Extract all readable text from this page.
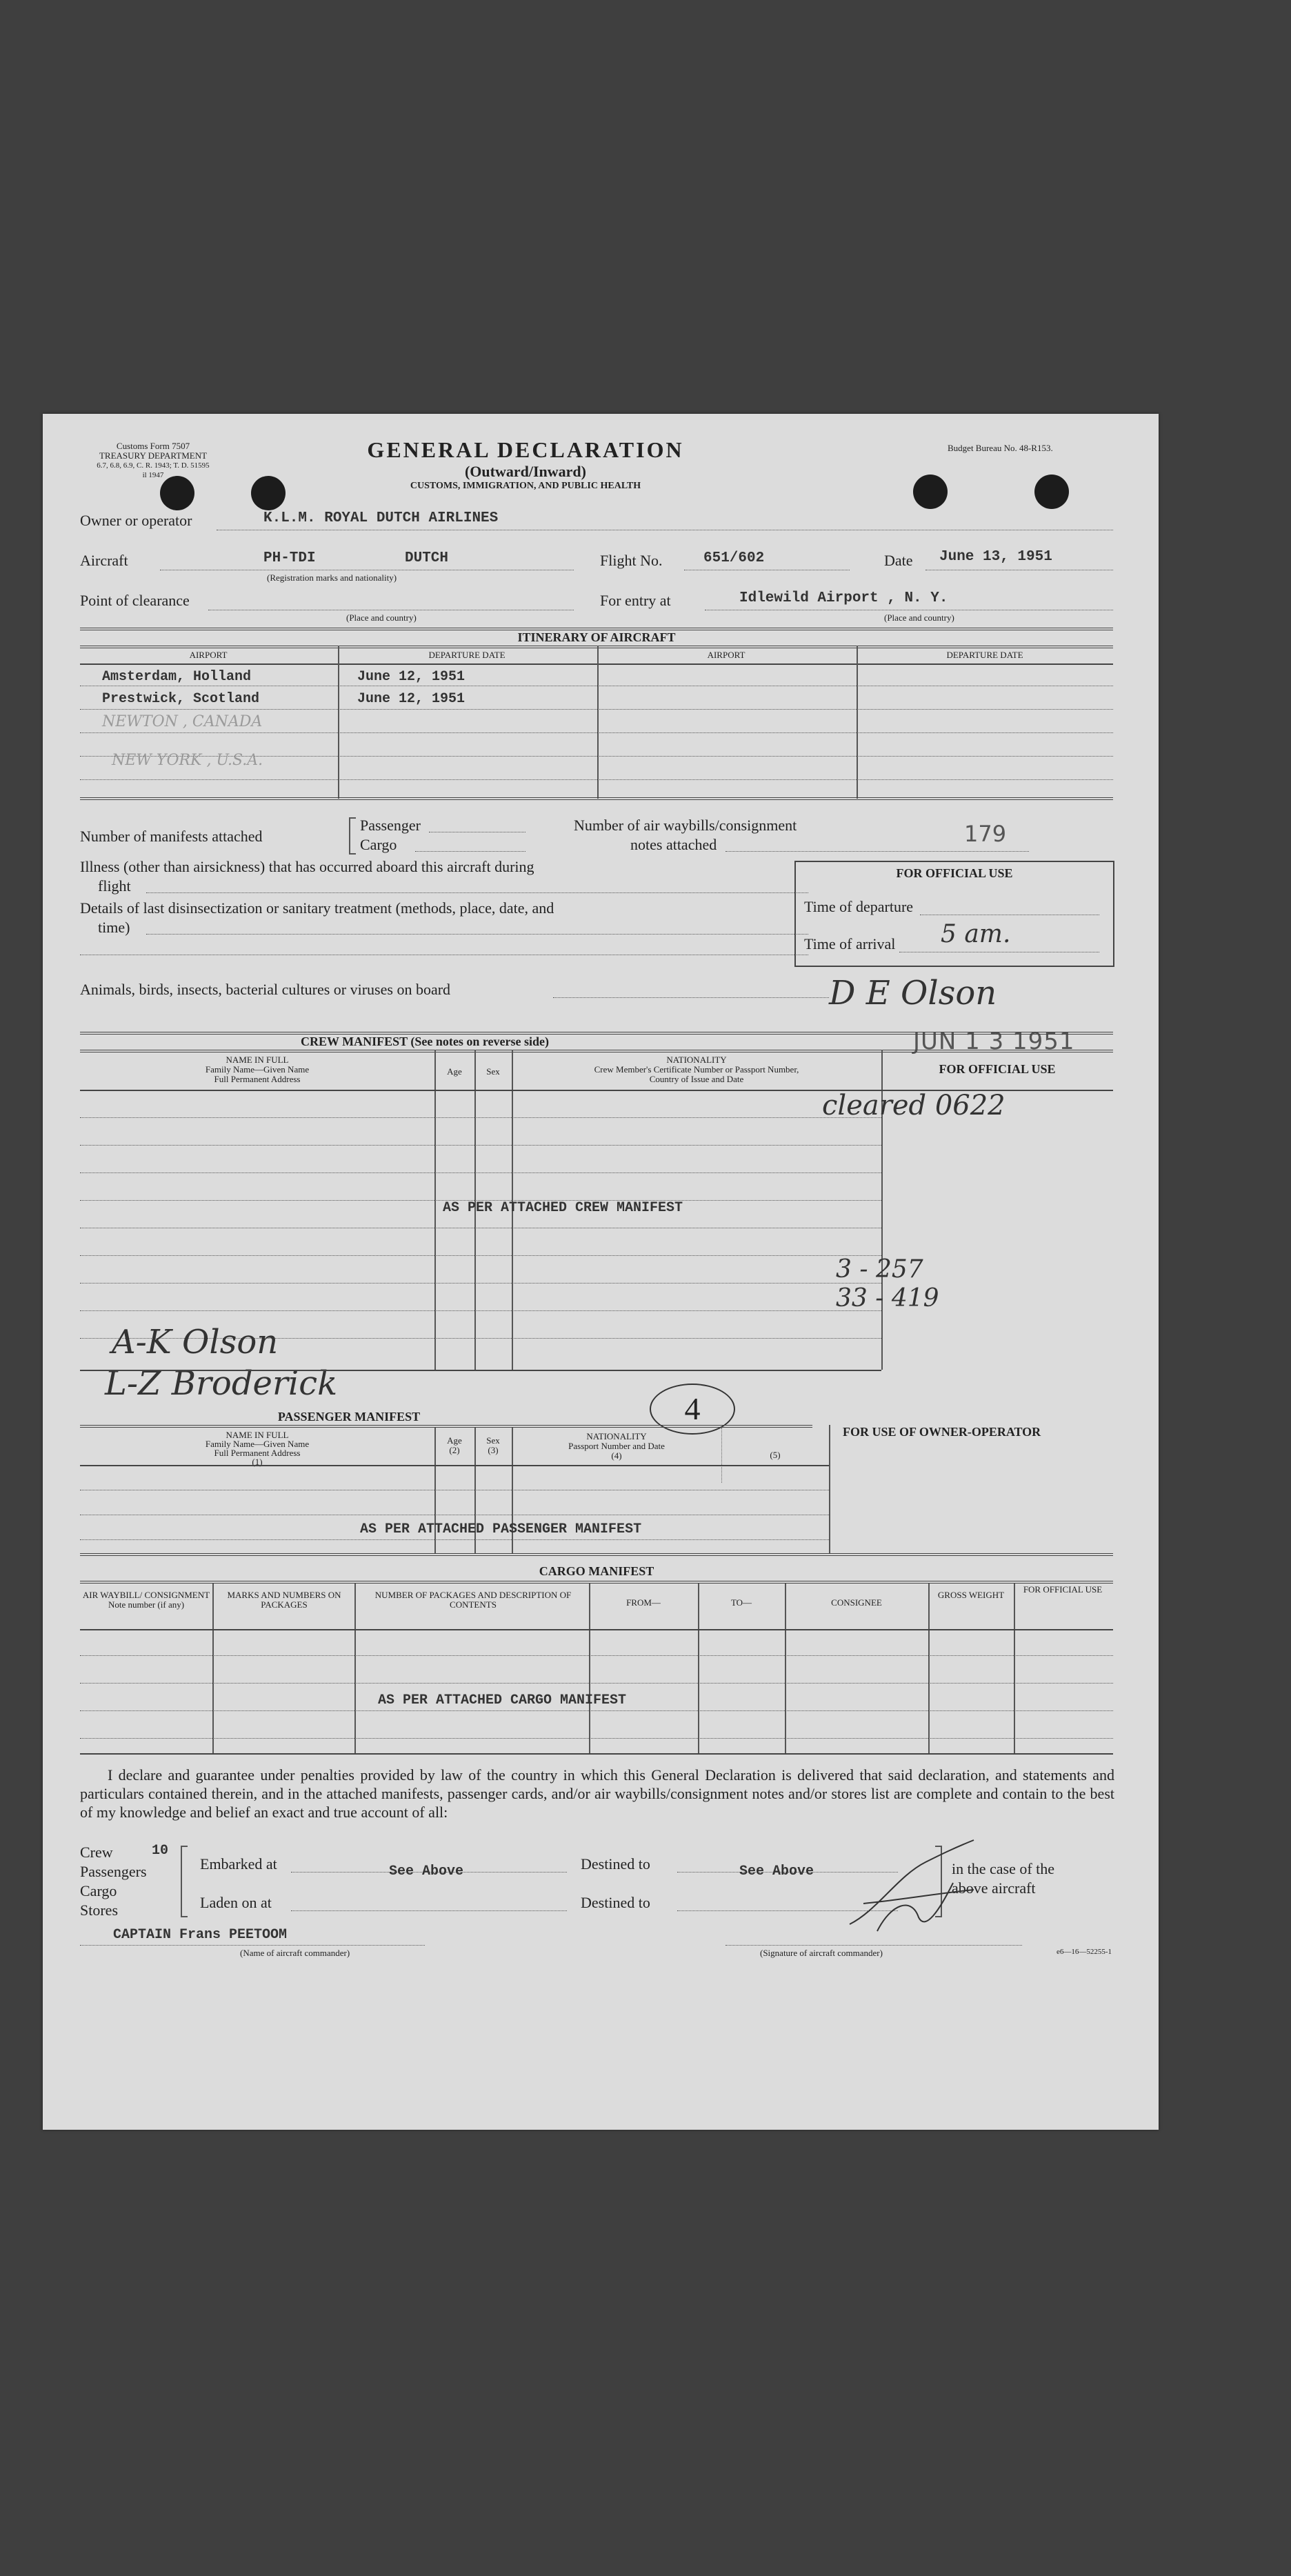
Customs Form 7507
TREASURY DEPARTMENT
6.7, 6.8, 6.9, C. R. 1943; T. D. 51595
il 1947
GENERAL DECLARATION
(Outward/Inward)
CUSTOMS, IMMIGRATION, AND PUBLIC HEALTH
Budget Bureau No. 48-R153.
Owner or operator	K.L.M. ROYAL DUTCH AIRLINES
Aircraft	PH-TDI	DUTCH
(Registration marks and nationality)
Flight No.	651/602	Date June 13, 1951
Point of clearance
(Place and country)
For entry at	Idlewild Airport , N. Y.
(Place and country)
ITINERARY OF AIRCRAFT
AIRPORT	DEPARTURE DATE	AIRPORT	DEPARTURE DATE
Amsterdam, Holland	June 12, 1951
Prestwick, Scotland	June 12, 1951
NEWTON , CANADA
NEW YORK , U.S.A.
Number of manifests attached
Passenger
Cargo
Number of air waybills/consignment
notes attached	179
Illness (other than airsickness) that has occurred aboard this aircraft during
flight
Details of last disinsectization or sanitary treatment (methods, place, date, and
time)
Animals, birds, insects, bacterial cultures or viruses on board
FOR OFFICIAL USE
Time of departure
Time of arrival 5 am.
D E Olson
JUN 1 3 1951
CREW MANIFEST (See notes on reverse side)
NAME IN FULL
Family Name—Given Name
Full Permanent Address
Age	Sex
NATIONALITY
Crew Member's Certificate Number or Passport Number,
Country of Issue and Date
FOR OFFICIAL USE
AS PER ATTACHED CREW MANIFEST
cleared 0622
3 - 257
33 - 419
A-K Olson
L-Z Broderick
4
PASSENGER MANIFEST
FOR USE OF OWNER-OPERATOR
NAME IN FULL
Family Name—Given Name
Full Permanent Address
(1)
Age
(2)
Sex
(3)
NATIONALITY
Passport Number and Date
(4)	(5)
AS PER ATTACHED PASSENGER MANIFEST
CARGO MANIFEST
AIR WAYBILL/ CONSIGNMENT Note number (if any)
MARKS AND NUMBERS ON PACKAGES
NUMBER OF PACKAGES AND DESCRIPTION OF CONTENTS	FROM—	TO—	CONSIGNEE
GROSS WEIGHT
FOR OFFICIAL USE
AS PER ATTACHED CARGO MANIFEST
I declare and guarantee under penalties provided by law of the country in which this General Declaration is delivered that said declaration, and statements and particulars contained therein, and in the attached manifests, passenger cards, and/or air waybills/consignment notes and/or stores list are complete and contain to the best of my knowledge and belief an exact and true account of all:
Crew
Passengers
Cargo
Stores
10
Embarked at	See Above
Laden on at
Destined to	See Above
Destined to
in the case of the
above aircraft
CAPTAIN Frans PEETOOM
(Name of aircraft commander)	(Signature of aircraft commander)	e6—16—52255-1
